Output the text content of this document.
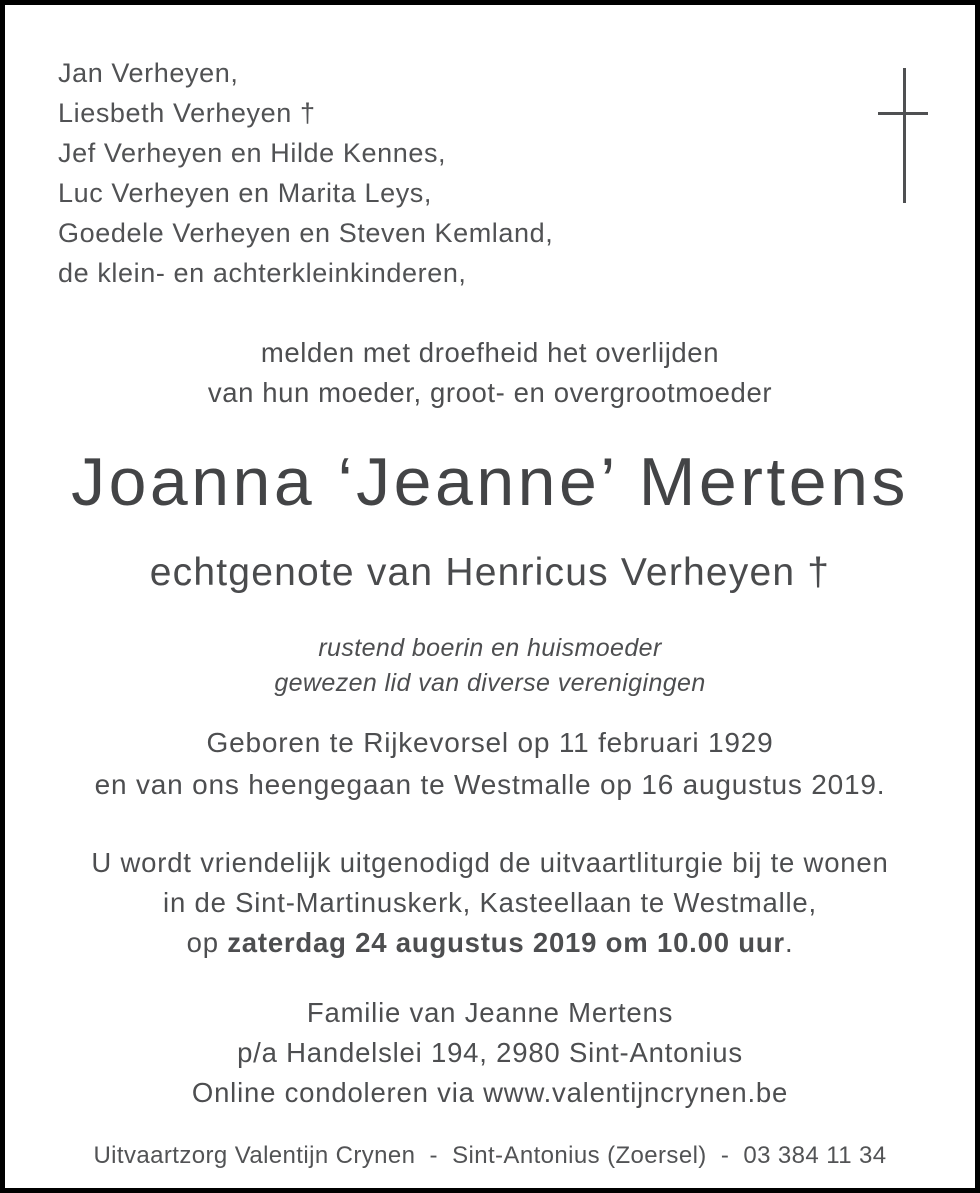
Jan Verheyen,
Liesbeth Verheyen †
Jef Verheyen en Hilde Kennes,
Luc Verheyen en Marita Leys,
Goedele Verheyen en Steven Kemland,
de klein- en achterkleinkinderen,
melden met droefheid het overlijden
van hun moeder, groot- en overgrootmoeder
Joanna ‘Jeanne’ Mertens
echtgenote van Henricus Verheyen †
rustend boerin en huismoeder
gewezen lid van diverse verenigingen
Geboren te Rijkevorsel op 11 februari 1929
en van ons heengegaan te Westmalle op 16 augustus 2019.
U wordt vriendelijk uitgenodigd de uitvaartliturgie bij te wonen
in de Sint-Martinuskerk, Kasteellaan te Westmalle,
op zaterdag 24 augustus 2019 om 10.00 uur.
Familie van Jeanne Mertens
p/a Handelslei 194, 2980 Sint-Antonius
Online condoleren via www.valentijncrynen.be
Uitvaartzorg Valentijn Crynen  -  Sint-Antonius (Zoersel)  -  03 384 11 34
